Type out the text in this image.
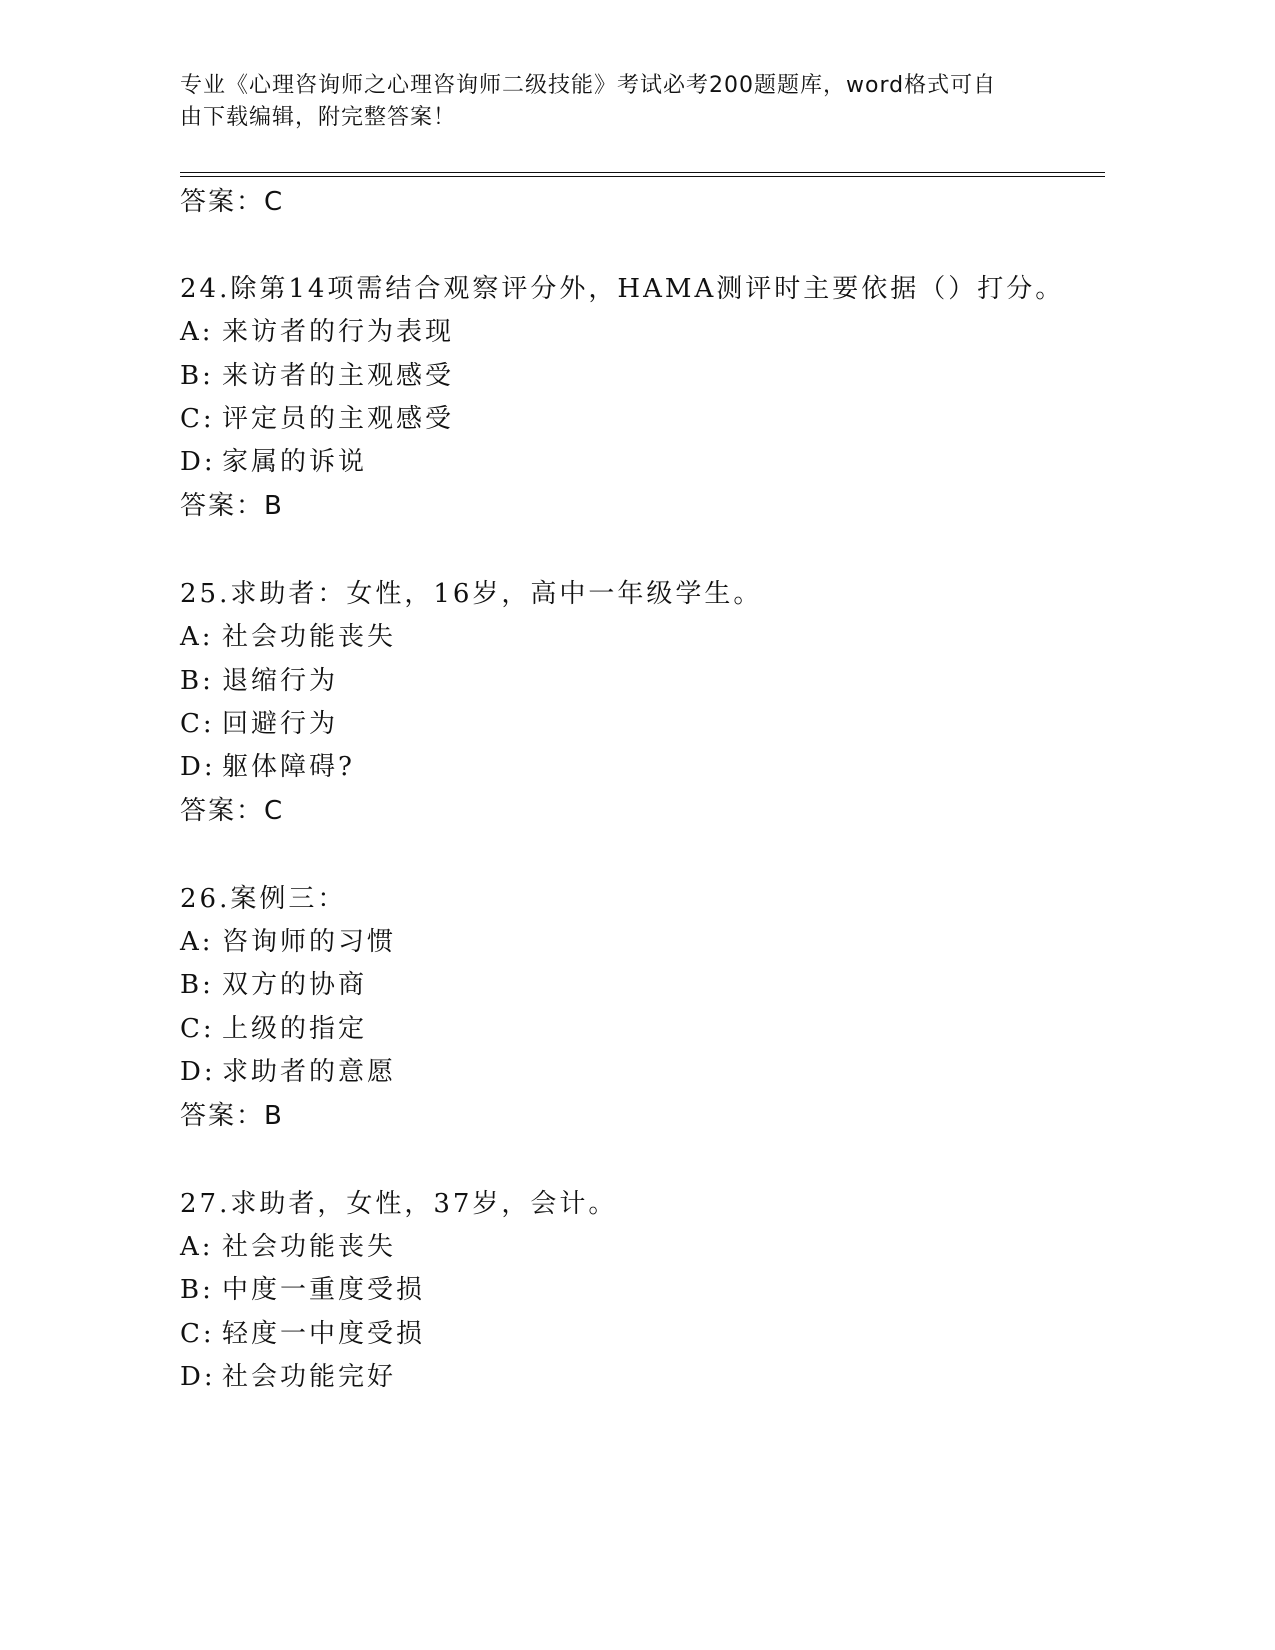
专业《心理咨询师之心理咨询师二级技能》考试必考200题题库，word格式可自
由下载编辑，附完整答案！
答案：C
24.除第14项需结合观察评分外，HAMA测评时主要依据（）打分。
A: 来访者的行为表现
B: 来访者的主观感受
C: 评定员的主观感受
D: 家属的诉说
答案：B
25.求助者：女性，16岁，高中一年级学生。
A: 社会功能丧失
B: 退缩行为
C: 回避行为
D: 躯体障碍?
答案：C
26.案例三：
A: 咨询师的习惯
B: 双方的协商
C: 上级的指定
D: 求助者的意愿
答案：B
27.求助者，女性，37岁，会计。
A: 社会功能丧失
B: 中度一重度受损
C: 轻度一中度受损
D: 社会功能完好
